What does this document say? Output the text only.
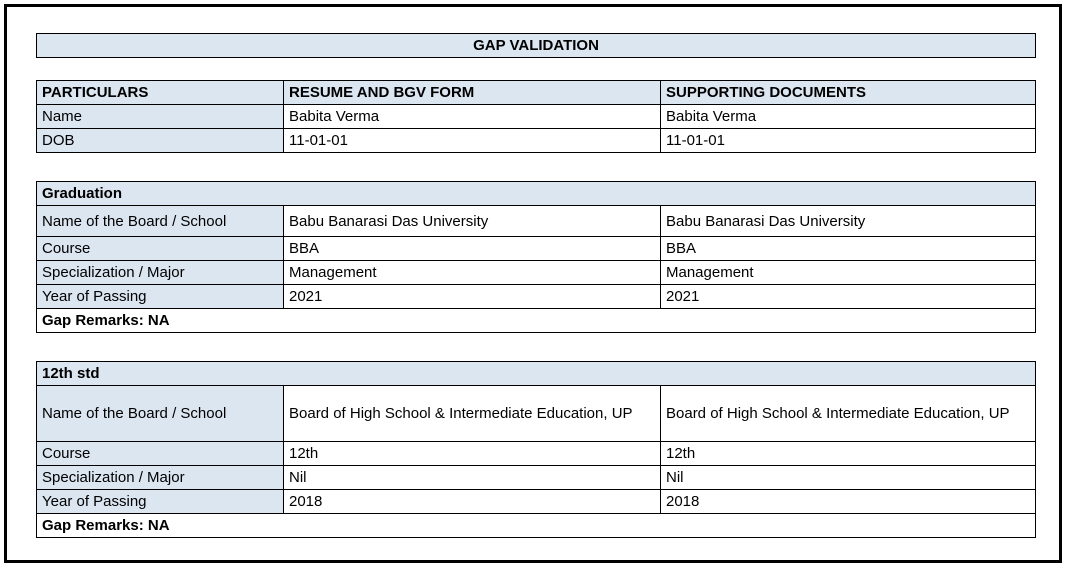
GAP VALIDATION
PARTICULARS	RESUME AND BGV FORM	SUPPORTING DOCUMENTS
Name	Babita Verma	Babita Verma
DOB	11-01-01	11-01-01
Graduation		
Name of the Board / School	Babu Banarasi Das University	Babu Banarasi Das University
Course	BBA	BBA
Specialization / Major	Management	Management
Year of Passing	2021	2021
Gap Remarks: NA		
12th std		
Name of the Board / School	Board of High School & Intermediate Education, UP	Board of High School & Intermediate Education, UP
Course	12th	12th
Specialization / Major	Nil	Nil
Year of Passing	2018	2018
Gap Remarks: NA		
